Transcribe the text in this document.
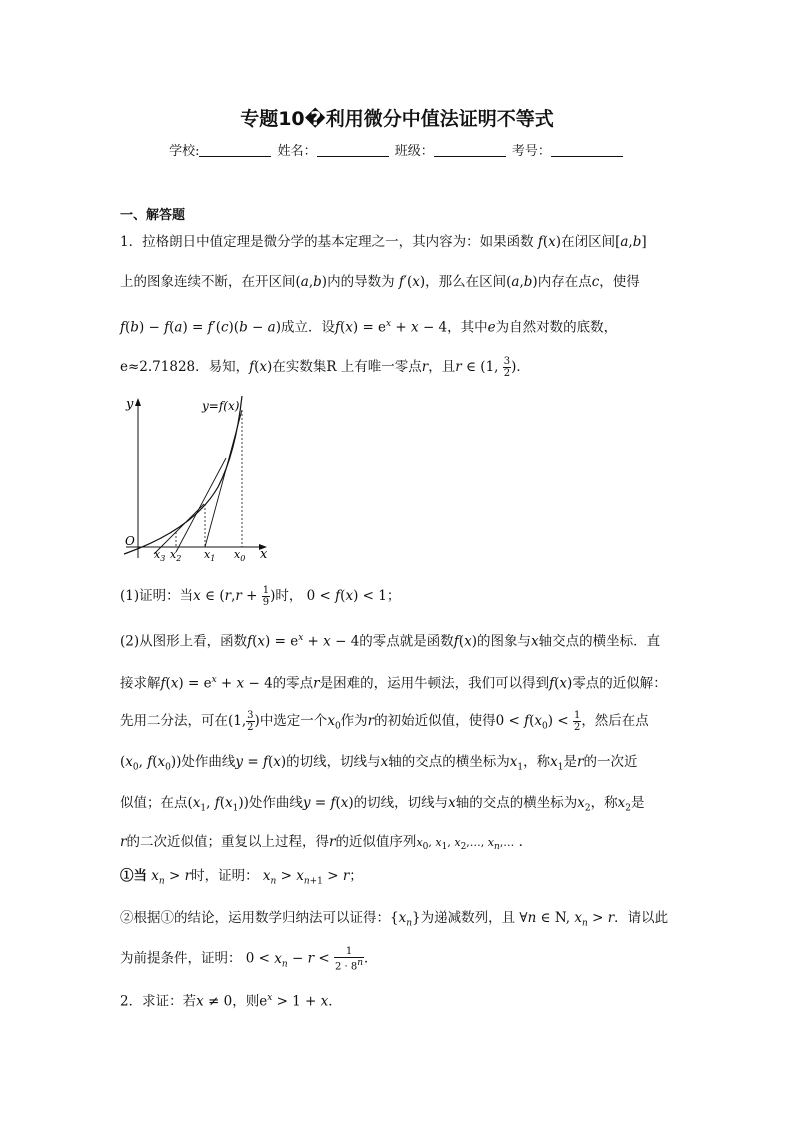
专题10�利用微分中值法证明不等式
学校:	姓名：	班级：	考号：
一、解答题
1．拉格朗日中值定理是微分学的基本定理之一，其内容为：如果函数 f(x)在闭区间[a,b]
上的图象连续不断，在开区间(a,b)内的导数为 f′(x)，那么在区间(a,b)内存在点c，使得
f(b) − f(a) = f′(c)(b − a)成立．设$f(x) = e^x + x - 4$，其中e为自然对数的底数，
e≈2.71828．易知，f(x)在实数集R 上有唯一零点r，且r ∈ (1, $\frac{3}{2}$ )．
y
x
O
y=f(x)
$x_3$ $x_2$ $x_1$ $x_0$
(1)证明：当x ∈ ($r,r + \frac{1}{9}$ )时， 0 < f(x) < 1；
(2)从图形上看，函数$f(x) = e^x + x - 4$的零点就是函数f(x)的图象与x轴交点的横坐标．直
接求解$f(x) = e^x + x - 4$的零点r是困难的，运用牛顿法，我们可以得到f(x)零点的近似解：
先用二分法，可在(1, $\frac{3}{2}$ )中选定一个$x_0$作为r的初始近似值，使得$0 < f(x_0) < \frac{1}{2}$ ，然后在点
($x_0$, $f(x_0)$)处作曲线y = f(x)的切线，切线与x轴的交点的横坐标为$x_1$，称$x_1$是r的一次近
似值；在点($x_1$, $f(x_1)$)处作曲线y = f(x)的切线，切线与x轴的交点的横坐标为$x_2$，称$x_2$是
r的二次近似值；重复以上过程，得r的近似值序列$x_0$, $x_1$, $x_2,\dots$, $x_n,\dots$ ．
①当 $x_n > r$时，证明： $x_n > x_{n+1} > r$；
②根据①的结论，运用数学归纳法可以证得：$\{x_n\}$为递减数列，且 ∀n ∈ N, $x_n > r$．请以此
为前提条件，证明： $0 < x_n - r < \frac{1}{2 \cdot 8^n}$ ．
2．求证：若x ≠ 0，则$e^x > 1 + x$．
